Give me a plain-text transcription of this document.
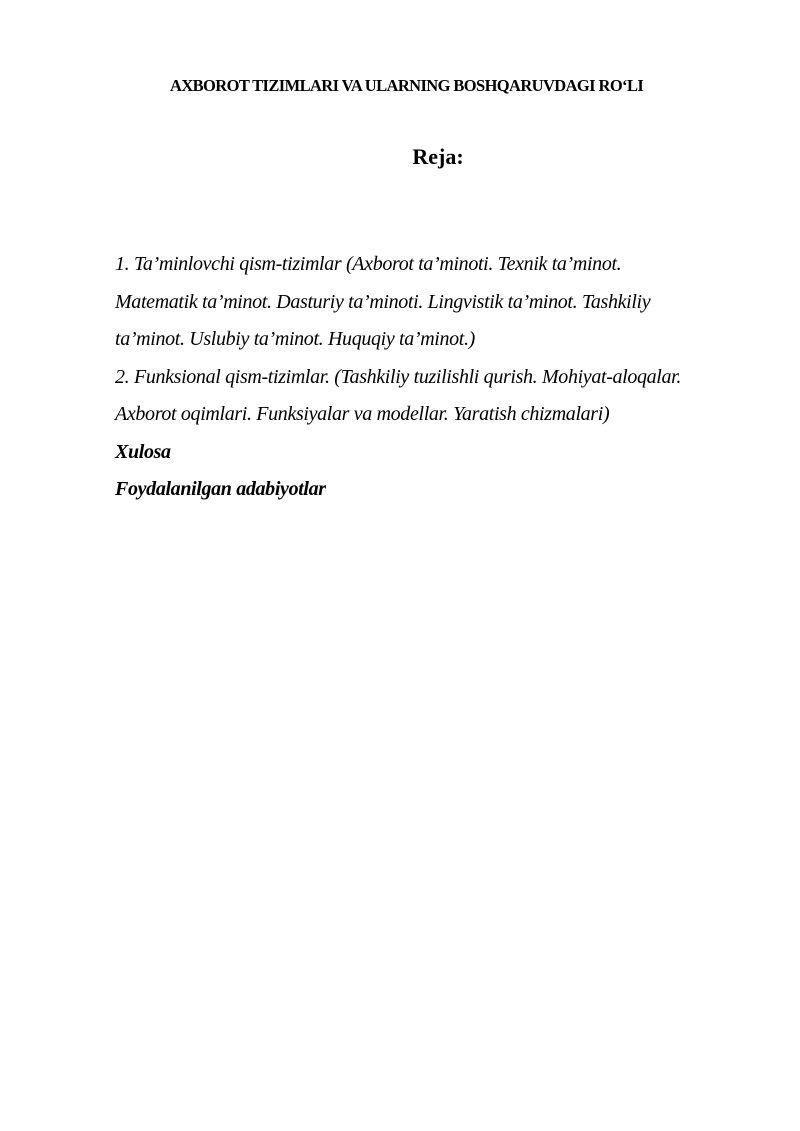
AXBOROT TIZIMLARI VA ULARNING BOSHQARUVDAGI RO‘LI
Reja:
1. Ta’minlovchi qism-tizimlar (Axborot ta’minoti. Texnik ta’minot.
Matematik ta’minot. Dasturiy ta’minoti. Lingvistik ta’minot. Tashkiliy
ta’minot. Uslubiy ta’minot. Huquqiy ta’minot.)
2. Funksional qism-tizimlar. (Tashkiliy tuzilishli qurish. Mohiyat-aloqalar.
Axborot oqimlari. Funksiyalar va modellar. Yaratish chizmalari)
Xulosa
Foydalanilgan adabiyotlar
